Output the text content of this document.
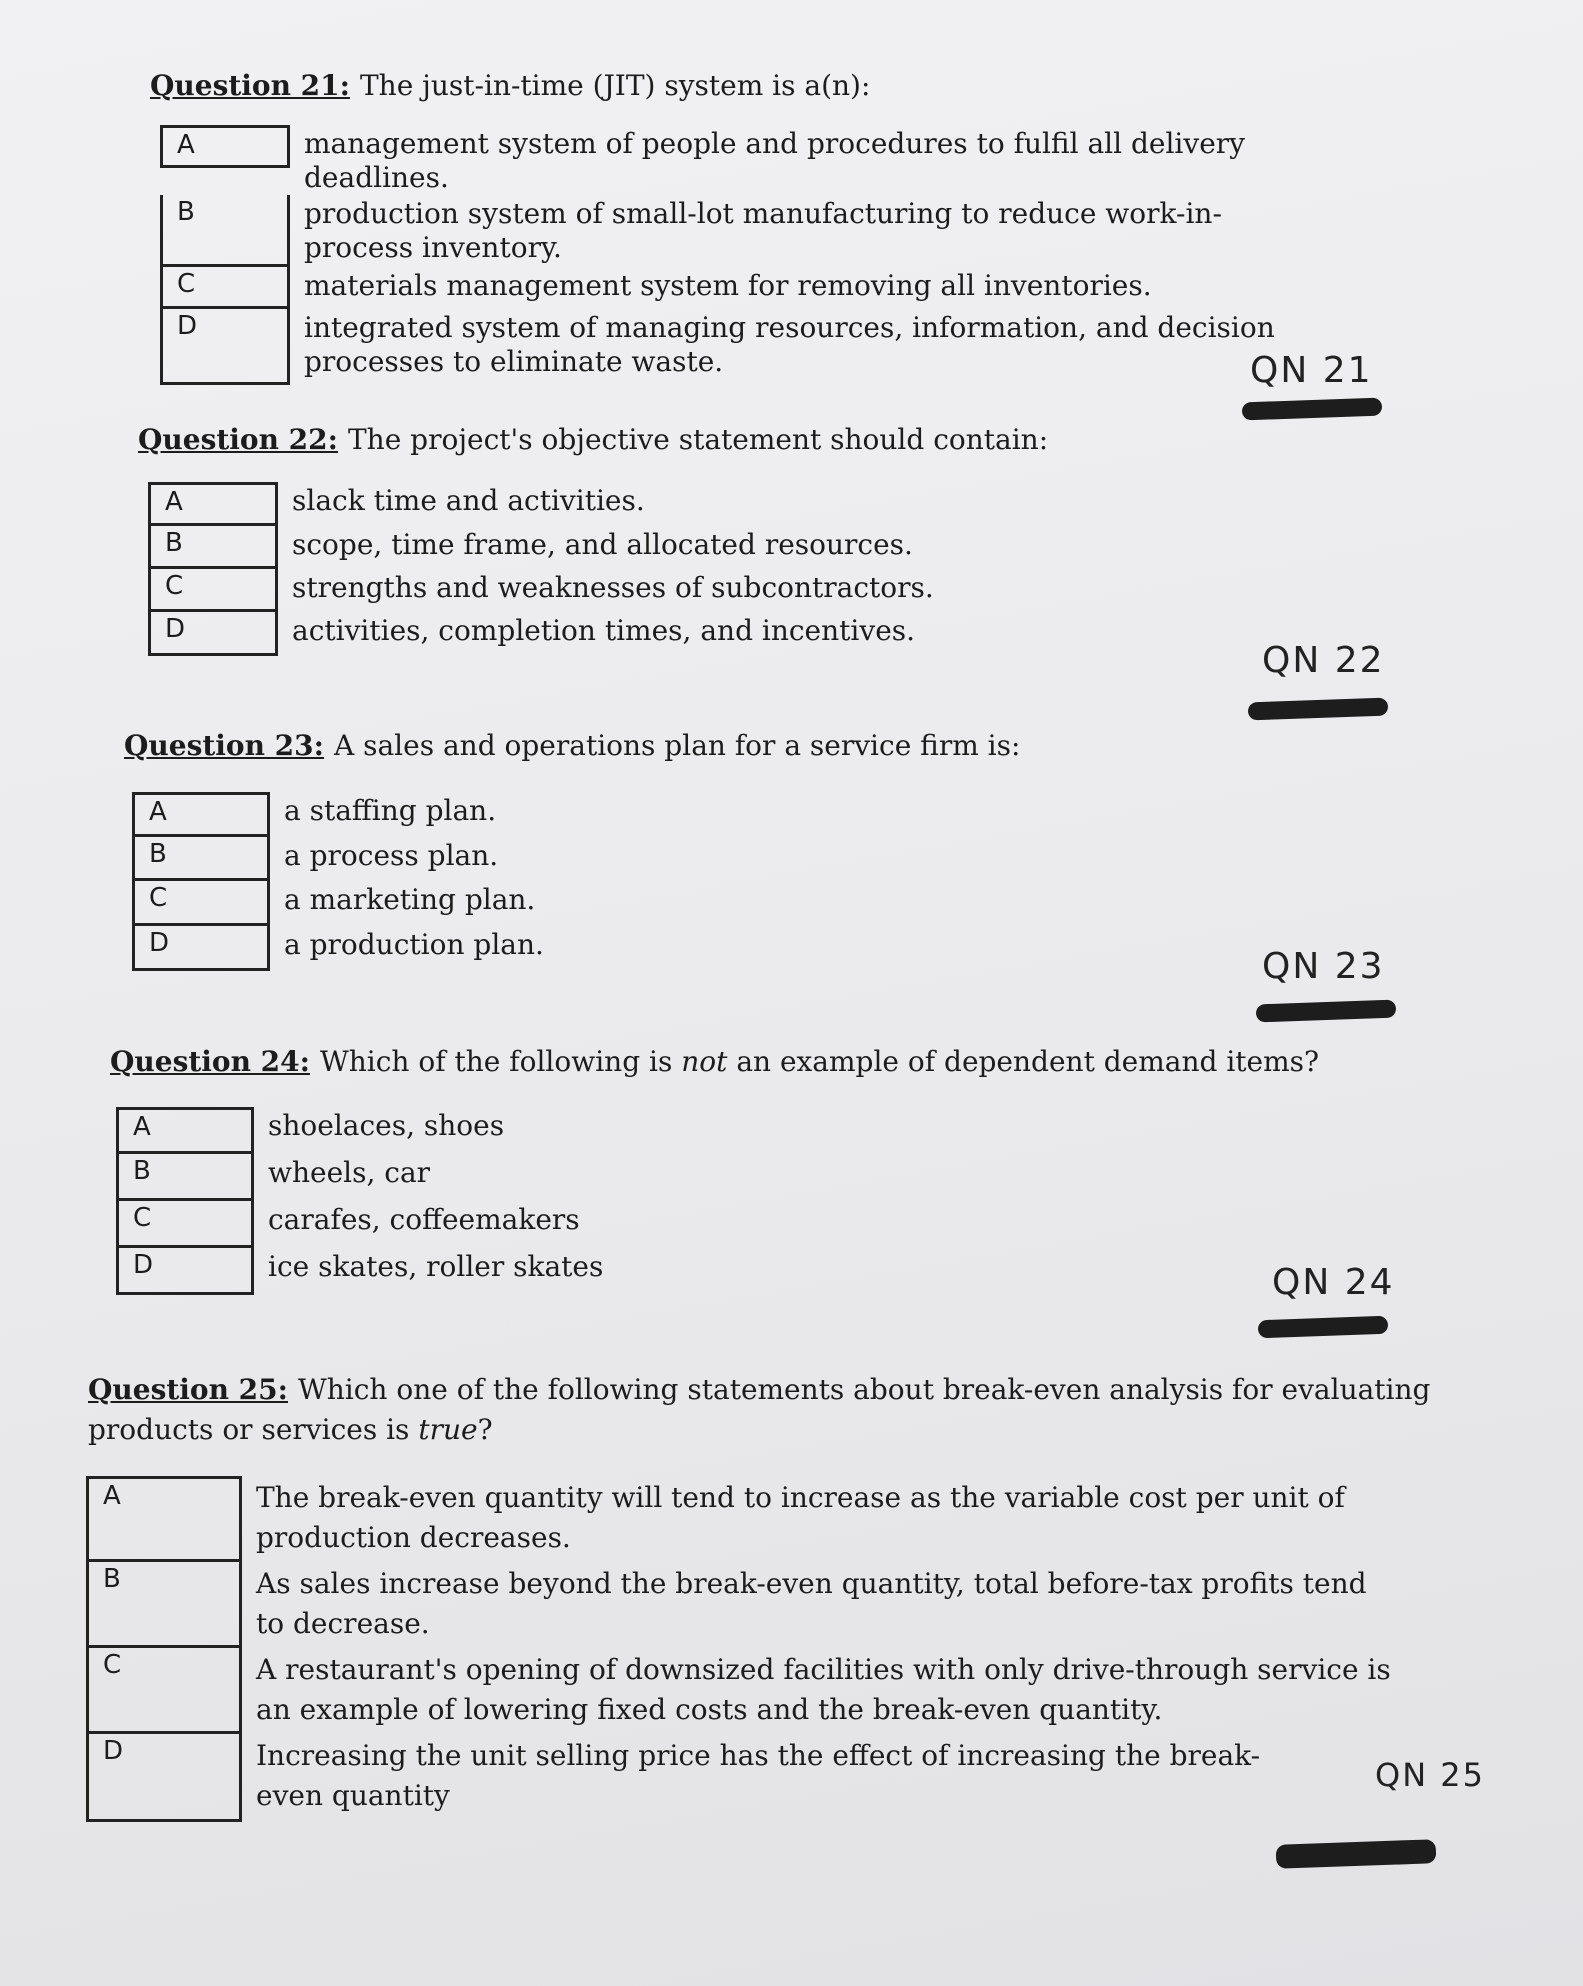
Question 21: The just-in-time (JIT) system is a(n):
A	management system of people and procedures to fulfil all delivery deadlines.
B	production system of small-lot manufacturing to reduce work-in-process inventory.
C	materials management system for removing all inventories.
D	integrated system of managing resources, information, and decision processes to eliminate waste.	QN 21
Question 22: The project's objective statement should contain:
A	slack time and activities.
B	scope, time frame, and allocated resources.
C	strengths and weaknesses of subcontractors.
D	activities, completion times, and incentives.
QN 22
Question 23: A sales and operations plan for a service firm is:
A	a staffing plan.
B	a process plan.
C	a marketing plan.
D	a production plan.
QN 23
Question 24: Which of the following is not an example of dependent demand items?
A	shoelaces, shoes
B	wheels, car
C	carafes, coffeemakers
D	ice skates, roller skates	QN 24
Question 25: Which one of the following statements about break-even analysis for evaluating products or services is true?
A	The break-even quantity will tend to increase as the variable cost per unit of production decreases.
B	As sales increase beyond the break-even quantity, total before-tax profits tend to decrease.
C	A restaurant's opening of downsized facilities with only drive-through service is an example of lowering fixed costs and the break-even quantity.
D	Increasing the unit selling price has the effect of increasing the break-even quantity
QN 25
